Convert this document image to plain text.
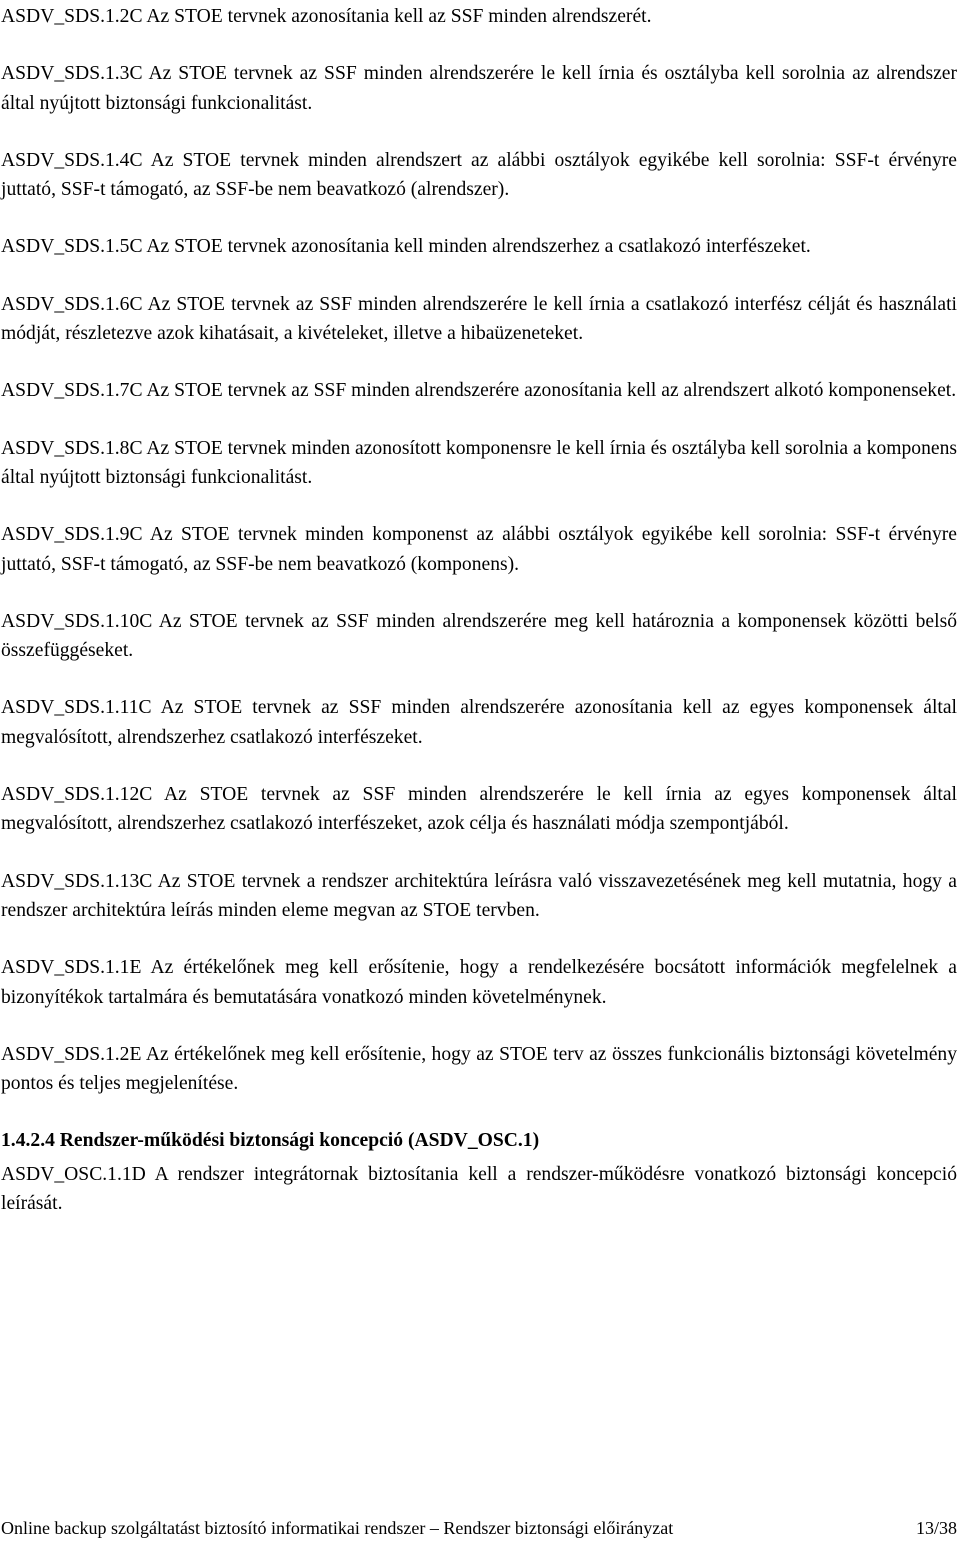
ASDV_SDS.1.2C Az STOE tervnek azonosítania kell az SSF minden alrendszerét.

ASDV_SDS.1.3C Az STOE tervnek az SSF minden alrendszerére le kell írnia és osztályba kell sorolnia az alrendszer által nyújtott biztonsági funkcionalitást.

ASDV_SDS.1.4C Az STOE tervnek minden alrendszert az alábbi osztályok egyikébe kell sorolnia: SSF-t érvényre juttató, SSF-t támogató, az SSF-be nem beavatkozó (alrendszer).

ASDV_SDS.1.5C Az STOE tervnek azonosítania kell minden alrendszerhez a csatlakozó interfészeket.

ASDV_SDS.1.6C Az STOE tervnek az SSF minden alrendszerére le kell írnia a csatlakozó interfész célját és használati módját, részletezve azok kihatásait, a kivételeket, illetve a hibaüzeneteket.

ASDV_SDS.1.7C Az STOE tervnek az SSF minden alrendszerére azonosítania kell az alrendszert alkotó komponenseket.

ASDV_SDS.1.8C Az STOE tervnek minden azonosított komponensre le kell írnia és osztályba kell sorolnia a komponens által nyújtott biztonsági funkcionalitást.

ASDV_SDS.1.9C Az STOE tervnek minden komponenst az alábbi osztályok egyikébe kell sorolnia: SSF-t érvényre juttató, SSF-t támogató, az SSF-be nem beavatkozó (komponens).

ASDV_SDS.1.10C Az STOE tervnek az SSF minden alrendszerére meg kell határoznia a komponensek közötti belső összefüggéseket.

ASDV_SDS.1.11C Az STOE tervnek az SSF minden alrendszerére azonosítania kell az egyes komponensek által megvalósított, alrendszerhez csatlakozó interfészeket.

ASDV_SDS.1.12C Az STOE tervnek az SSF minden alrendszerére le kell írnia az egyes komponensek által megvalósított, alrendszerhez csatlakozó interfészeket, azok célja és használati módja szempontjából.

ASDV_SDS.1.13C Az STOE tervnek a rendszer architektúra leírásra való visszavezetésének meg kell mutatnia, hogy a rendszer architektúra leírás minden eleme megvan az STOE tervben.

ASDV_SDS.1.1E Az értékelőnek meg kell erősítenie, hogy a rendelkezésére bocsátott információk megfelelnek a bizonyítékok tartalmára és bemutatására vonatkozó minden követelménynek.

ASDV_SDS.1.2E Az értékelőnek meg kell erősítenie, hogy az STOE terv az összes funkcionális biztonsági követelmény pontos és teljes megjelenítése.

1.4.2.4 Rendszer-működési biztonsági koncepció (ASDV_OSC.1)

ASDV_OSC.1.1D A rendszer integrátornak biztosítania kell a rendszer-működésre vonatkozó biztonsági koncepció leírását.

Online backup szolgáltatást biztosító informatikai rendszer – Rendszer biztonsági előirányzat	13/38
